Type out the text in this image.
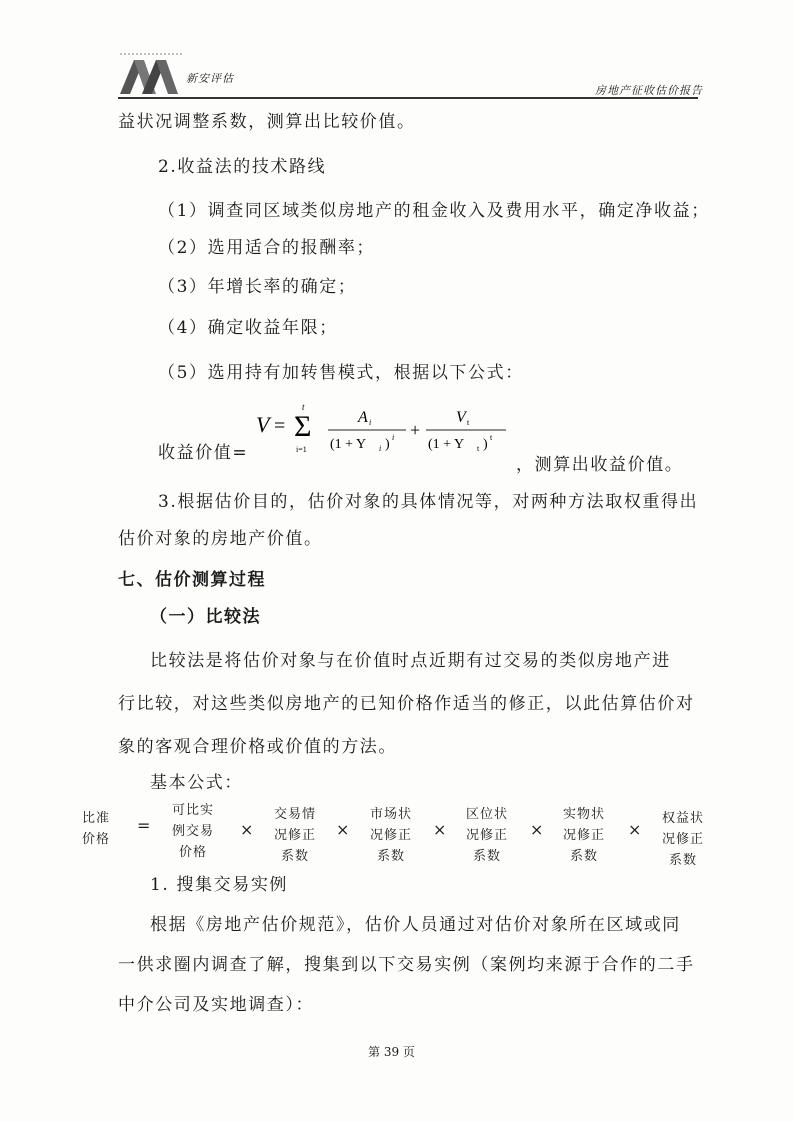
新安评估
房地产征收估价报告
益状况调整系数，测算出比较价值。
2.收益法的技术路线
（1）调查同区域类似房地产的租金收入及费用水平，确定净收益；
（2）选用适合的报酬率；
（3）年增长率的确定；
（4）确定收益年限；
（5）选用持有加转售模式，根据以下公式：
收益价值=
V = Σ
t
i=1
A i
(1 + Y i ) i +
V t
(1 + Y t ) t
，测算出收益价值。
3.根据估价目的，估价对象的具体情况等，对两种方法取权重得出
估价对象的房地产价值。
七、估价测算过程
（一）比较法
比较法是将估价对象与在价值时点近期有过交易的类似房地产进
行比较，对这些类似房地产的已知价格作适当的修正，以此估算估价对
象的客观合理价格或价值的方法。
基本公式：
比准
价格
=
可比实
例交易
价格
×
交易情
况修正
系数
×
市场状
况修正
系数
×
区位状
况修正
系数
×
实物状
况修正
系数
×
权益状
况修正
系数
1. 搜集交易实例
根据《房地产估价规范》，估价人员通过对估价对象所在区域或同
一供求圈内调查了解，搜集到以下交易实例（案例均来源于合作的二手
中介公司及实地调查）：
第 39 页
